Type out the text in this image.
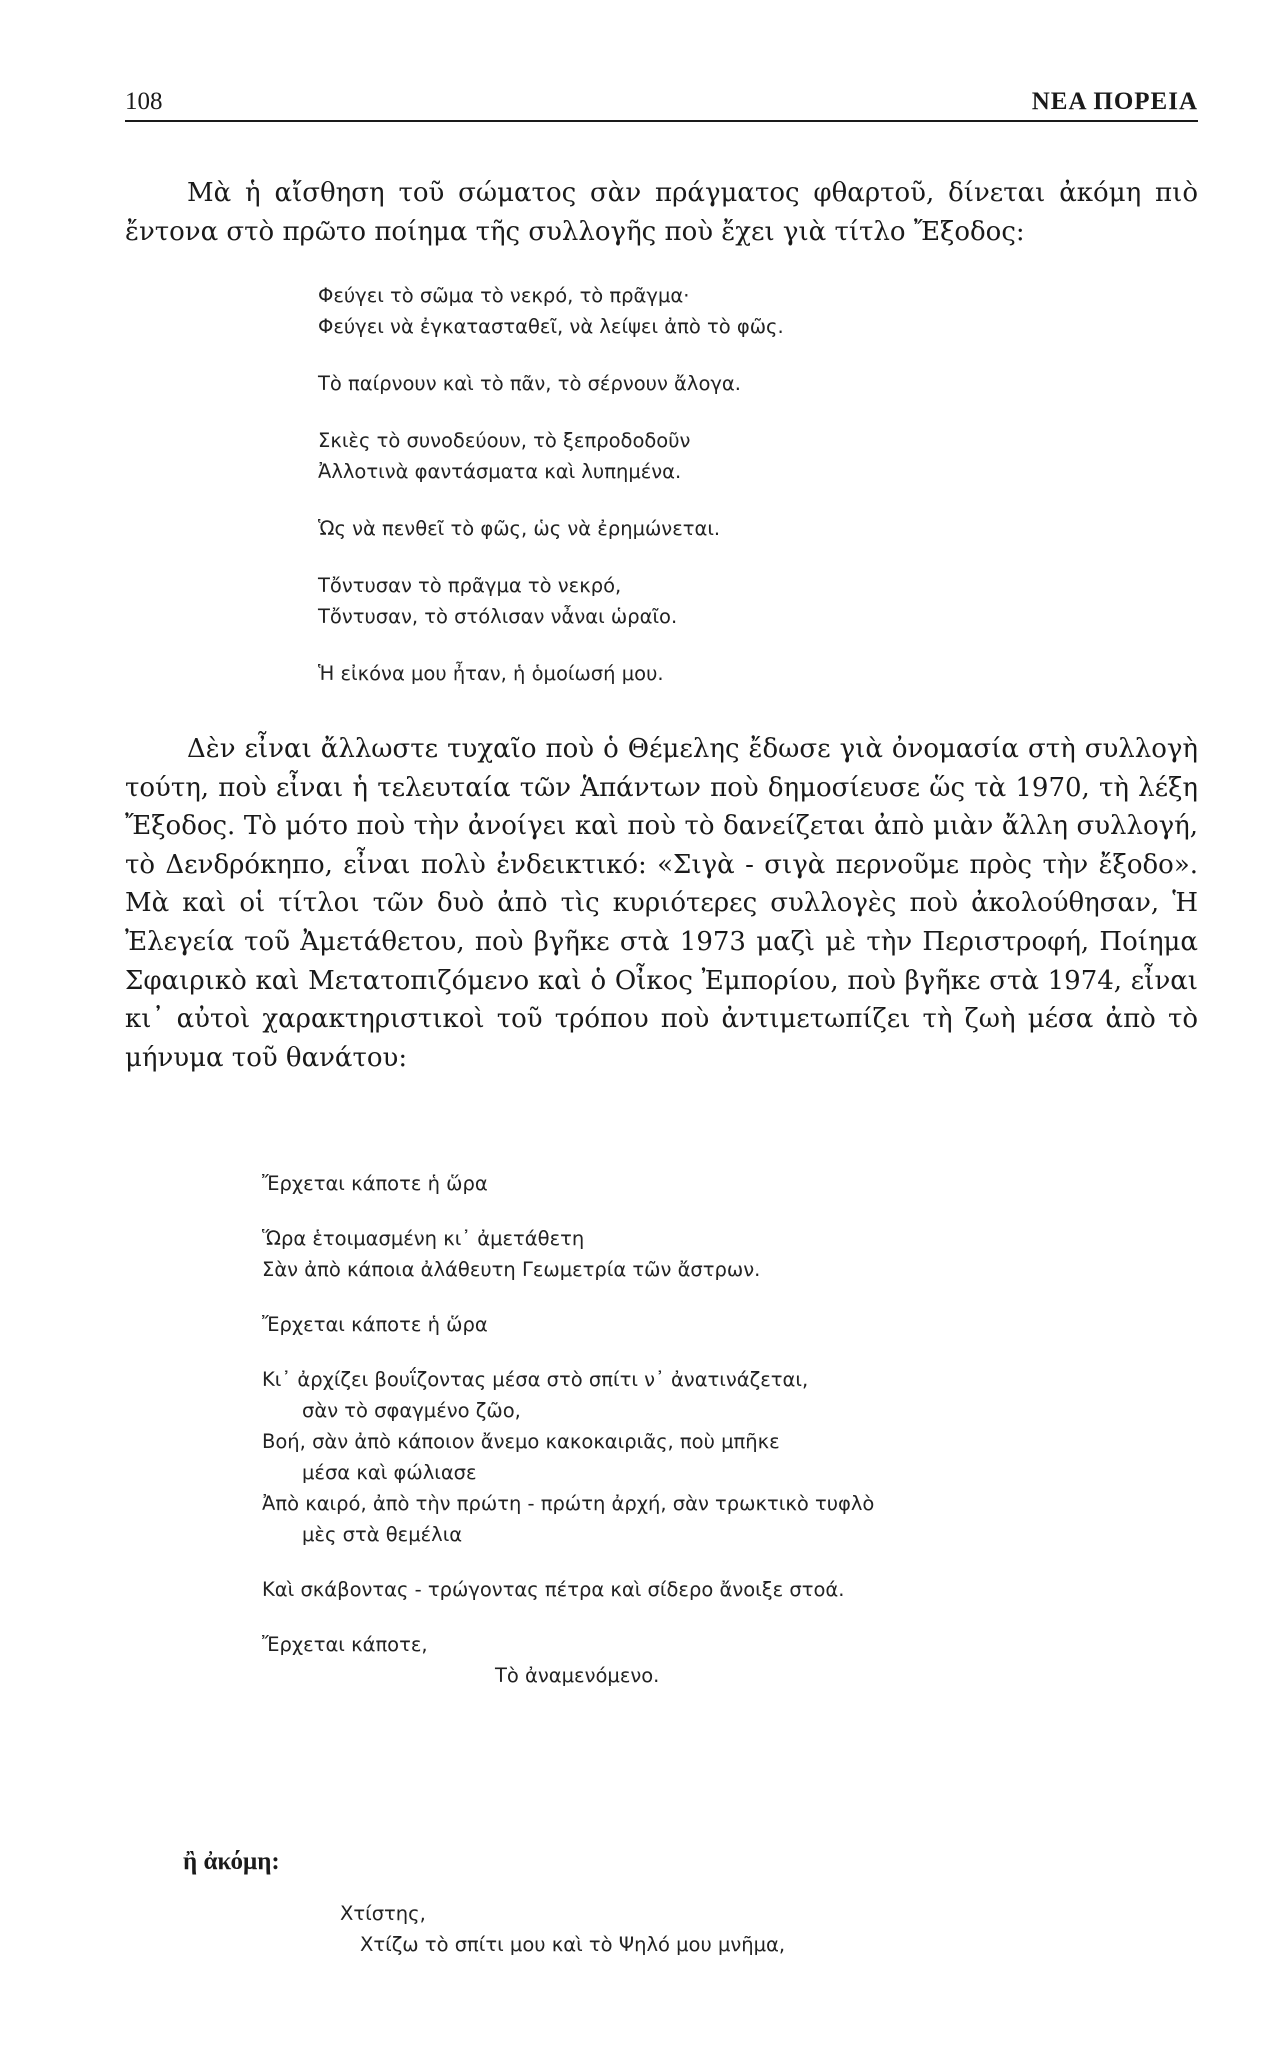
108	ΝΕΑ ΠΟΡΕΙΑ

Μὰ ἡ αἴσθηση τοῦ σώματος σὰν πράγματος φθαρτοῦ, δίνεται ἀκόμη πιὸ ἔντονα στὸ πρῶτο ποίημα τῆς συλλογῆς ποὺ ἔχει γιὰ τίτλο Ἔξοδος:

Φεύγει τὸ σῶμα τὸ νεκρό, τὸ πρᾶγμα·
Φεύγει νὰ ἐγκατασταθεῖ, νὰ λείψει ἀπὸ τὸ φῶς.
Τὸ παίρνουν καὶ τὸ πᾶν, τὸ σέρνουν ἄλογα.
Σκιὲς τὸ συνοδεύουν, τὸ ξεπροδοδοῦν
Ἀλλοτινὰ φαντάσματα καὶ λυπημένα.
Ὡς νὰ πενθεῖ τὸ φῶς, ὡς νὰ ἐρημώνεται.
Τὄντυσαν τὸ πρᾶγμα τὸ νεκρό,
Τὄντυσαν, τὸ στόλισαν νἆναι ὡραῖο.
Ἡ εἰκόνα μου ἦταν, ἡ ὁμοίωσή μου.

Δὲν εἶναι ἄλλωστε τυχαῖο ποὺ ὁ Θέμελης ἔδωσε γιὰ ὀνομασία στὴ συλλογὴ τούτη, ποὺ εἶναι ἡ τελευταία τῶν Ἁπάντων ποὺ δημοσίευσε ὥς τὰ 1970, τὴ λέξη Ἔξοδος. Τὸ μότο ποὺ τὴν ἀνοίγει καὶ ποὺ τὸ δανείζεται ἀπὸ μιὰν ἄλλη συλλογή, τὸ Δενδρόκηπο, εἶναι πολὺ ἐνδεικτικό: «Σιγὰ - σιγὰ περνοῦμε πρὸς τὴν ἔξοδο». Μὰ καὶ οἱ τίτλοι τῶν δυὸ ἀπὸ τὶς κυριότερες συλλογὲς ποὺ ἀκολούθησαν, Ἡ Ἐλεγεία τοῦ Ἀμετάθετου, ποὺ βγῆκε στὰ 1973 μαζὶ μὲ τὴν Περιστροφή, Ποίημα Σφαιρικὸ καὶ Μετατοπιζόμενο καὶ ὁ Οἶκος Ἐμπορίου, ποὺ βγῆκε στὰ 1974, εἶναι κι᾽ αὐτοὶ χαρακτηριστικοὶ τοῦ τρόπου ποὺ ἀντιμετωπίζει τὴ ζωὴ μέσα ἀπὸ τὸ μήνυμα τοῦ θανάτου:

Ἔρχεται κάποτε ἡ ὥρα
Ὥρα ἑτοιμασμένη κι᾽ ἀμετάθετη
Σὰν ἀπὸ κάποια ἀλάθευτη Γεωμετρία τῶν ἄστρων.
Ἔρχεται κάποτε ἡ ὥρα
Κι᾽ ἀρχίζει βουΐζοντας μέσα στὸ σπίτι ν᾽ ἀνατινάζεται,
σὰν τὸ σφαγμένο ζῶο,
Βοή, σὰν ἀπὸ κάποιον ἄνεμο κακοκαιριᾶς, ποὺ μπῆκε
μέσα καὶ φώλιασε
Ἀπὸ καιρό, ἀπὸ τὴν πρώτη - πρώτη ἀρχή, σὰν τρωκτικὸ τυφλὸ
μὲς στὰ θεμέλια
Καὶ σκάβοντας - τρώγοντας πέτρα καὶ σίδερο ἄνοιξε στοά.
Ἔρχεται κάποτε,
Τὸ ἀναμενόμενο.
ἢ ἀκόμη:
Χτίστης,
Χτίζω τὸ σπίτι μου καὶ τὸ Ψηλό μου μνῆμα,
